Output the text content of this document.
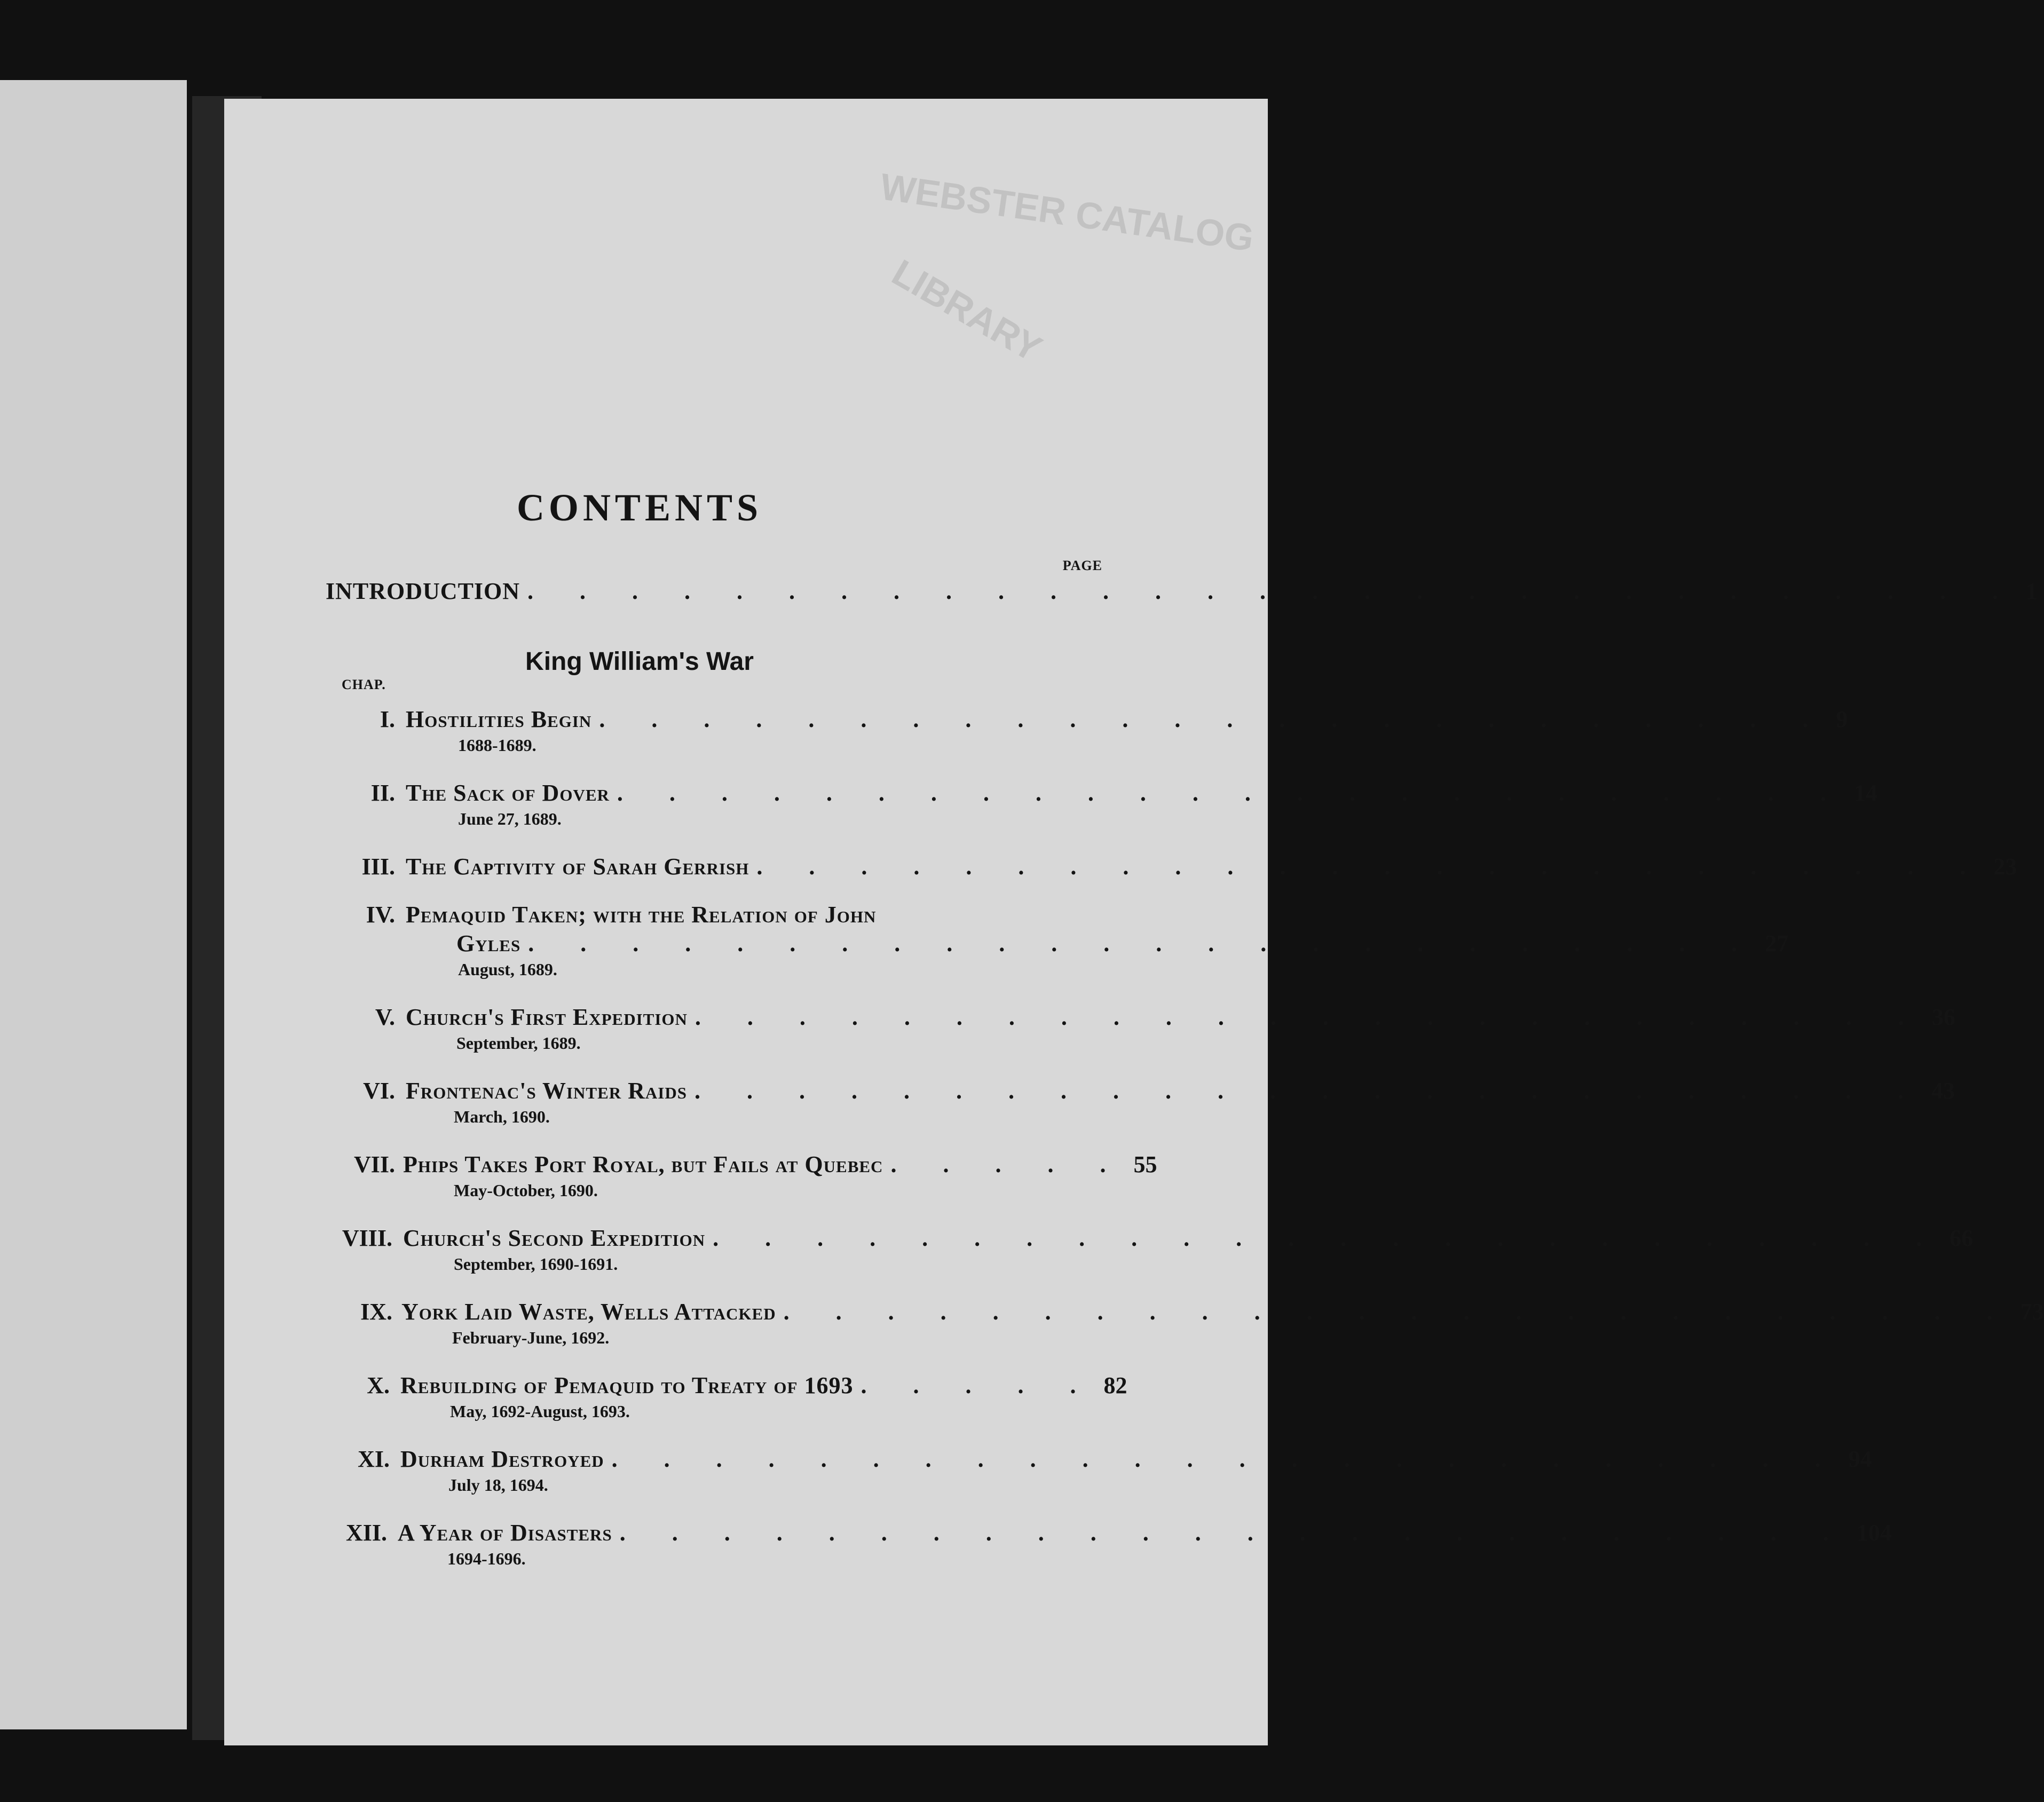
WEBSTER CATALOG
LIBRARY
CONTENTS
PAGE
INTRODUCTION . . . . . . . . . . . . . . . . . . . . . . . . . . . . . 1
King William's War
CHAP.
I. Hostilities Begin . . . . . . . . . . . . . . . . . . . . . . . . 9
1688-1689.
II. The Sack of Dover . . . . . . . . . . . . . . . . . . . . . . . . 14
June 27, 1689.
III. The Captivity of Sarah Gerrish . . . . . . . . . . . . . . . . . . . . . . . . 23
IV. Pemaquid Taken; with the Relation of John
Gyles . . . . . . . . . . . . . . . . . . . . . . . . 27
August, 1689.
V. Church's First Expedition . . . . . . . . . . . . . . . . . . . . . . . . 36
September, 1689.
VI. Frontenac's Winter Raids . . . . . . . . . . . . . . . . . . . . . . . . 43
March, 1690.
VII. Phips Takes Port Royal, but Fails at Quebec . . . . . 55
May-October, 1690.
VIII. Church's Second Expedition . . . . . . . . . . . . . . . . . . . . . . . . 66
September, 1690-1691.
IX. York Laid Waste, Wells Attacked . . . . . . . . . . . . . . . . . . . . . . . . 73
February-June, 1692.
X. Rebuilding of Pemaquid to Treaty of 1693 . . . . . 82
May, 1692-August, 1693.
XI. Durham Destroyed . . . . . . . . . . . . . . . . . . . . . . . . 94
July 18, 1694.
XII. A Year of Disasters . . . . . . . . . . . . . . . . . . . . . . . . 104
1694-1696.
